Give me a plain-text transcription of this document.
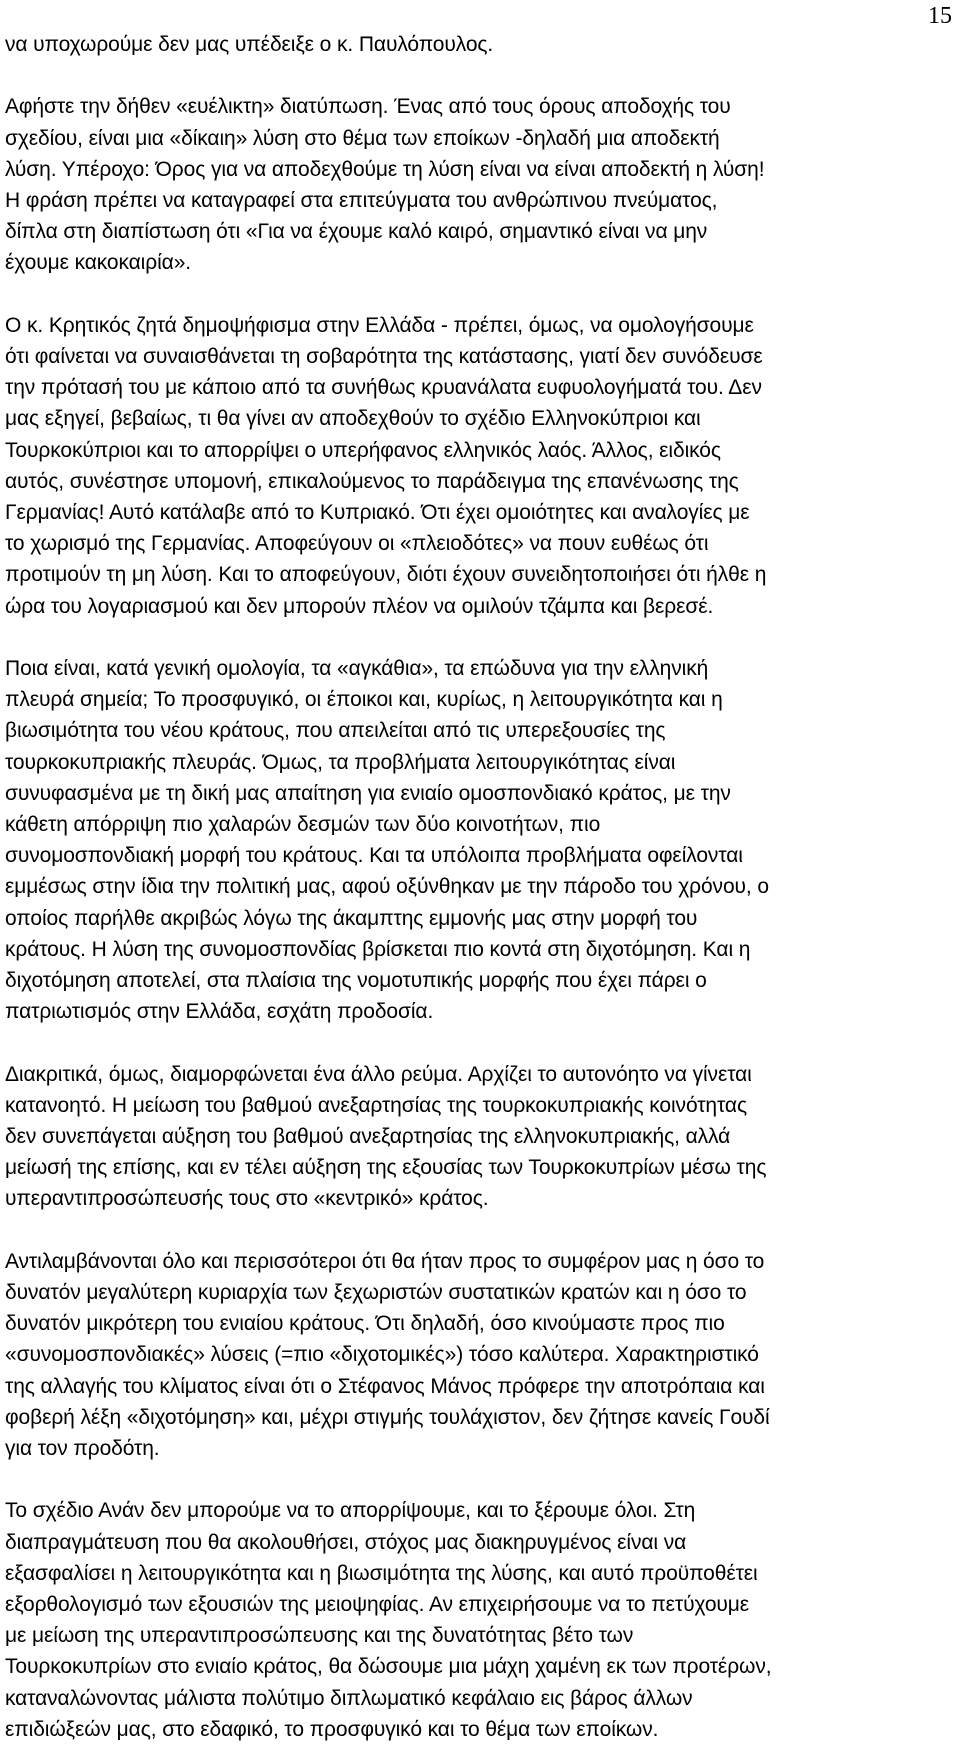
15
να υποχωρούμε δεν μας υπέδειξε ο κ. Παυλόπουλος.
Αφήστε την δήθεν «ευέλικτη» διατύπωση. Ένας από τους όρους αποδοχής του
σχεδίου, είναι μια «δίκαιη» λύση στο θέμα των εποίκων -δηλαδή μια αποδεκτή
λύση. Υπέροχο: Όρος για να αποδεχθούμε τη λύση είναι να είναι αποδεκτή η λύση!
Η φράση πρέπει να καταγραφεί στα επιτεύγματα του ανθρώπινου πνεύματος,
δίπλα στη διαπίστωση ότι «Για να έχουμε καλό καιρό, σημαντικό είναι να μην
έχουμε κακοκαιρία».
Ο κ. Κρητικός ζητά δημοψήφισμα στην Ελλάδα - πρέπει, όμως, να ομολογήσουμε
ότι φαίνεται να συναισθάνεται τη σοβαρότητα της κατάστασης, γιατί δεν συνόδευσε
την πρότασή του με κάποιο από τα συνήθως κρυανάλατα ευφυολογήματά του. Δεν
μας εξηγεί, βεβαίως, τι θα γίνει αν αποδεχθούν το σχέδιο Ελληνοκύπριοι και
Τουρκοκύπριοι και το απορρίψει ο υπερήφανος ελληνικός λαός. Άλλος, ειδικός
αυτός, συνέστησε υπομονή, επικαλούμενος το παράδειγμα της επανένωσης της
Γερμανίας! Αυτό κατάλαβε από το Κυπριακό. Ότι έχει ομοιότητες και αναλογίες με
το χωρισμό της Γερμανίας. Αποφεύγουν οι «πλειοδότες» να πουν ευθέως ότι
προτιμούν τη μη λύση. Και το αποφεύγουν, διότι έχουν συνειδητοποιήσει ότι ήλθε η
ώρα του λογαριασμού και δεν μπορούν πλέον να ομιλούν τζάμπα και βερεσέ.
Ποια είναι, κατά γενική ομολογία, τα «αγκάθια», τα επώδυνα για την ελληνική
πλευρά σημεία; Το προσφυγικό, οι έποικοι και, κυρίως, η λειτουργικότητα και η
βιωσιμότητα του νέου κράτους, που απειλείται από τις υπερεξουσίες της
τουρκοκυπριακής πλευράς. Όμως, τα προβλήματα λειτουργικότητας είναι
συνυφασμένα με τη δική μας απαίτηση για ενιαίο ομοσπονδιακό κράτος, με την
κάθετη απόρριψη πιο χαλαρών δεσμών των δύο κοινοτήτων, πιο
συνομοσπονδιακή μορφή του κράτους. Και τα υπόλοιπα προβλήματα οφείλονται
εμμέσως στην ίδια την πολιτική μας, αφού οξύνθηκαν με την πάροδο του χρόνου, ο
οποίος παρήλθε ακριβώς λόγω της άκαμπτης εμμονής μας στην μορφή του
κράτους. Η λύση της συνομοσπονδίας βρίσκεται πιο κοντά στη διχοτόμηση. Και η
διχοτόμηση αποτελεί, στα πλαίσια της νομοτυπικής μορφής που έχει πάρει ο
πατριωτισμός στην Ελλάδα, εσχάτη προδοσία.
Διακριτικά, όμως, διαμορφώνεται ένα άλλο ρεύμα. Αρχίζει το αυτονόητο να γίνεται
κατανοητό. Η μείωση του βαθμού ανεξαρτησίας της τουρκοκυπριακής κοινότητας
δεν συνεπάγεται αύξηση του βαθμού ανεξαρτησίας της ελληνοκυπριακής, αλλά
μείωσή της επίσης, και εν τέλει αύξηση της εξουσίας των Τουρκοκυπρίων μέσω της
υπεραντιπροσώπευσής τους στο «κεντρικό» κράτος.
Αντιλαμβάνονται όλο και περισσότεροι ότι θα ήταν προς το συμφέρον μας η όσο το
δυνατόν μεγαλύτερη κυριαρχία των ξεχωριστών συστατικών κρατών και η όσο το
δυνατόν μικρότερη του ενιαίου κράτους. Ότι δηλαδή, όσο κινούμαστε προς πιο
«συνομοσπονδιακές» λύσεις (=πιο «διχοτομικές») τόσο καλύτερα. Χαρακτηριστικό
της αλλαγής του κλίματος είναι ότι ο Στέφανος Μάνος πρόφερε την αποτρόπαια και
φοβερή λέξη «διχοτόμηση» και, μέχρι στιγμής τουλάχιστον, δεν ζήτησε κανείς Γουδί
για τον προδότη.
Το σχέδιο Ανάν δεν μπορούμε να το απορρίψουμε, και το ξέρουμε όλοι. Στη
διαπραγμάτευση που θα ακολουθήσει, στόχος μας διακηρυγμένος είναι να
εξασφαλίσει η λειτουργικότητα και η βιωσιμότητα της λύσης, και αυτό προϋποθέτει
εξορθολογισμό των εξουσιών της μειοψηφίας. Αν επιχειρήσουμε να το πετύχουμε
με μείωση της υπεραντιπροσώπευσης και της δυνατότητας βέτο των
Τουρκοκυπρίων στο ενιαίο κράτος, θα δώσουμε μια μάχη χαμένη εκ των προτέρων,
καταναλώνοντας μάλιστα πολύτιμο διπλωματικό κεφάλαιο εις βάρος άλλων
επιδιώξεών μας, στο εδαφικό, το προσφυγικό και το θέμα των εποίκων.
